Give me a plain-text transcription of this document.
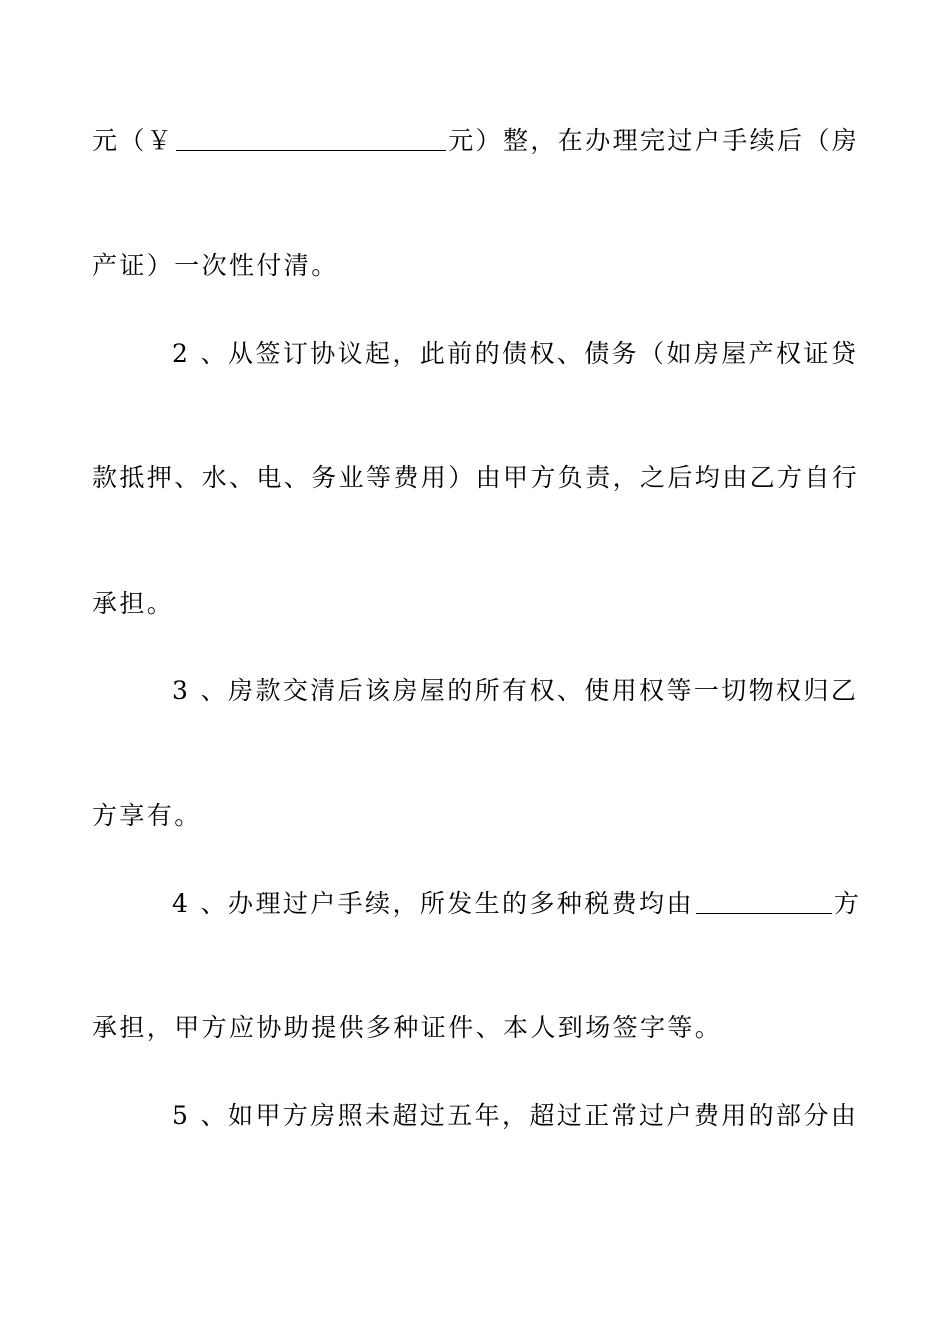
元（￥	元）整，在办理完过户手续后（房
产证）一次性付清。
2 、从签订协议起，此前的债权、债务（如房屋产权证贷
款抵押、水、电、务业等费用）由甲方负责，之后均由乙方自行
承担。
3 、房款交清后该房屋的所有权、使用权等一切物权归乙
方享有。
4 、办理过户手续，所发生的多种税费均由	方
承担，甲方应协助提供多种证件、本人到场签字等。
5 、如甲方房照未超过五年，超过正常过户费用的部分由
